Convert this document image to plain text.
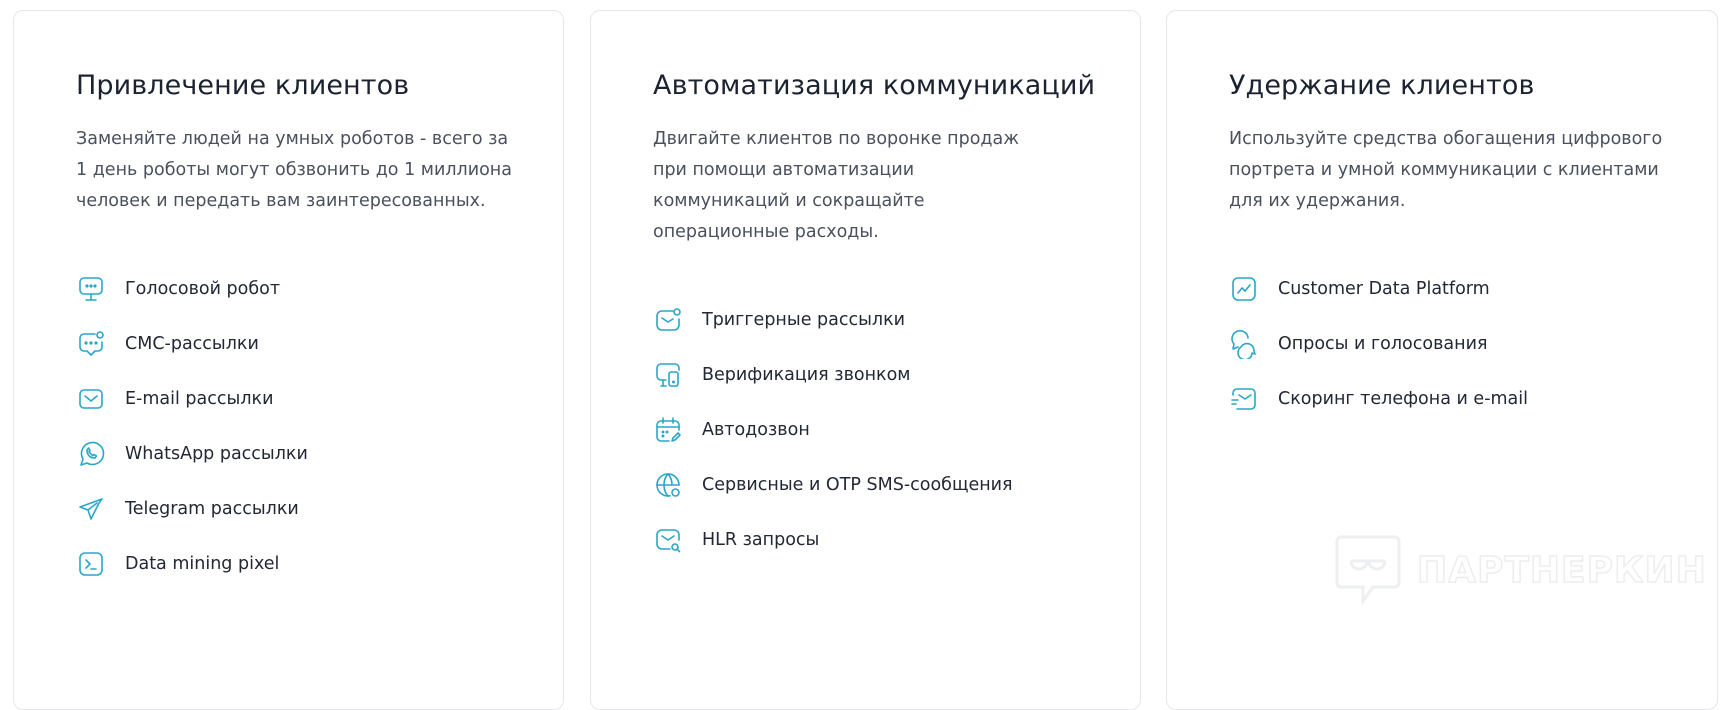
Привлечение клиентов

Заменяйте людей на умных роботов - всего за 1 день роботы могут обзвонить до 1 миллиона человек и передать вам заинтересованных.

Голосовой робот
СМС-рассылки
E-mail рассылки
WhatsApp рассылки
Telegram рассылки
Data mining pixel
Автоматизация коммуникаций

Двигайте клиентов по воронке продаж при помощи автоматизации коммуникаций и сокращайте операционные расходы.

Триггерные рассылки
Верификация звонком
Автодозвон
Сервисные и OTP SMS-сообщения
HLR запросы
Удержание клиентов

Используйте средства обогащения цифрового портрета и умной коммуникации с клиентами для их удержания.

Customer Data Platform
Опросы и голосования
Скоринг телефона и e-mail
ПАРТНЕРКИН
